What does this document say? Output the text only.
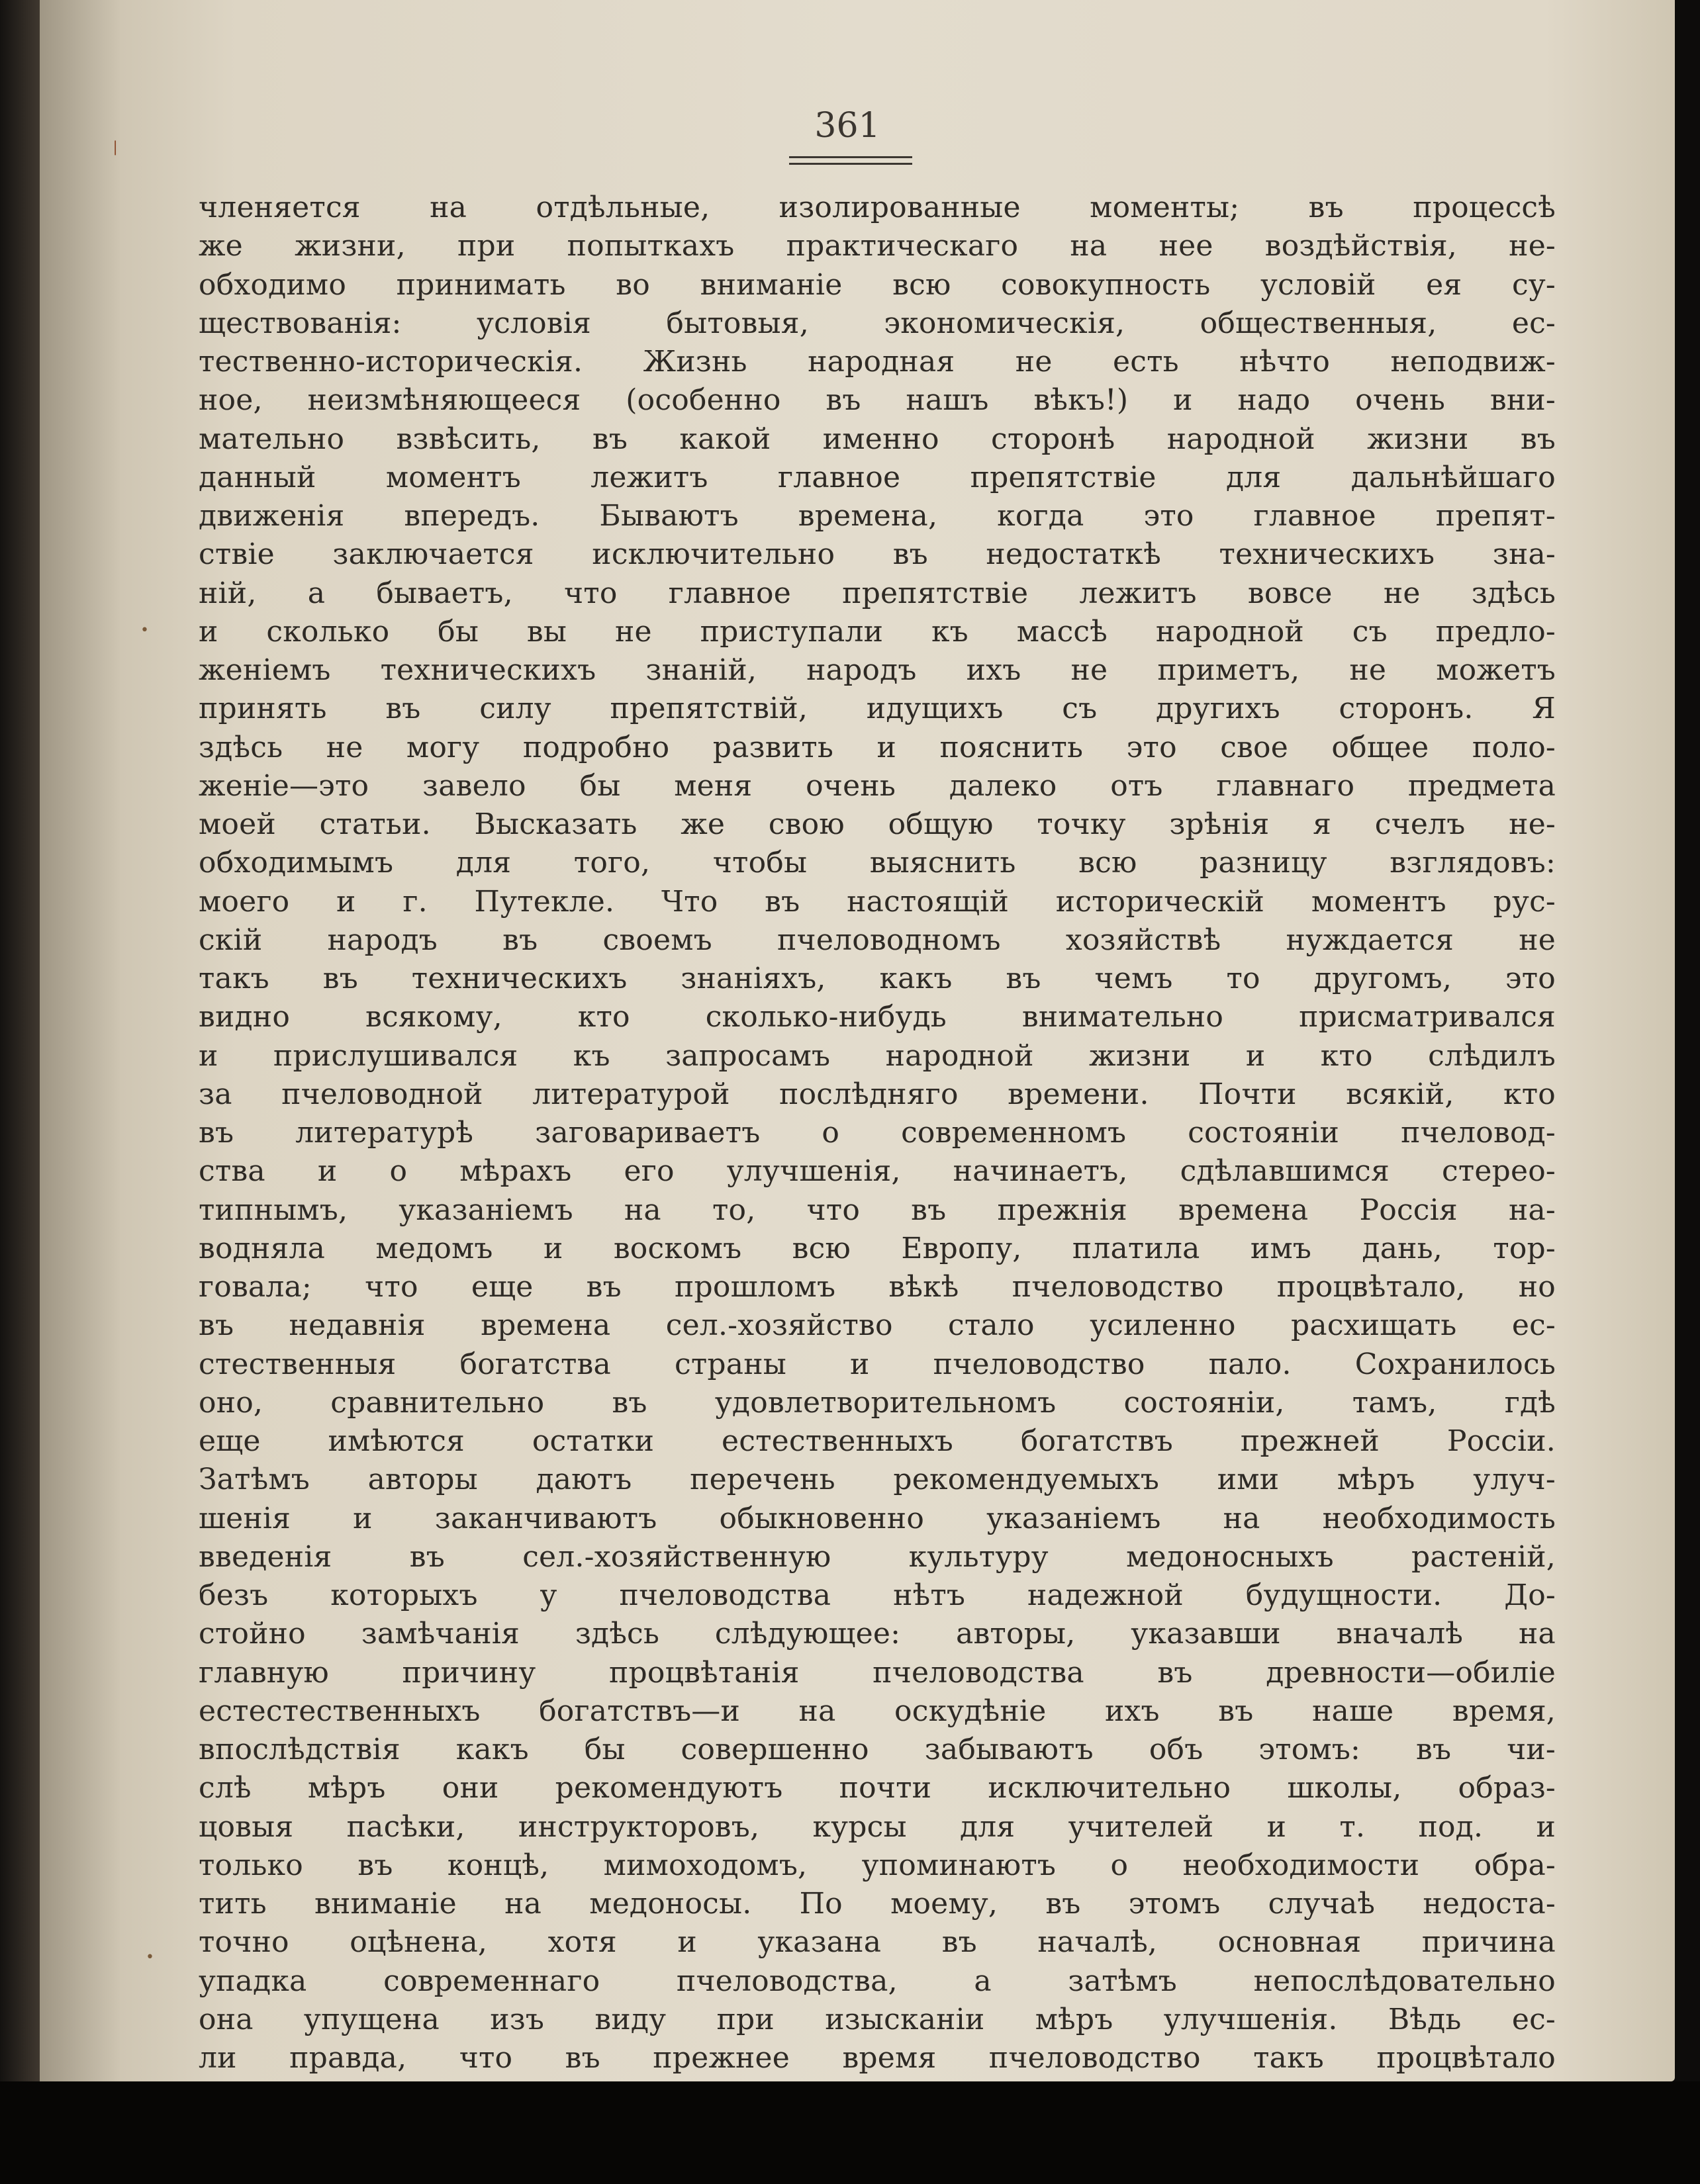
❘
•
•
361
членяется на отдѣльные, изолированные моменты; въ процессѣ
же жизни, при попыткахъ практическаго на нее воздѣйствія, не-
обходимо принимать во вниманіе всю совокупность условій ея су-
ществованія: условія бытовыя, экономическія, общественныя, ес-
тественно-историческія. Жизнь народная не есть нѣчто неподвиж-
ное, неизмѣняющееся (особенно въ нашъ вѣкъ!) и надо очень вни-
мательно взвѣсить, въ какой именно сторонѣ народной жизни въ
данный моментъ лежитъ главное препятствіе для дальнѣйшаго
движенія впередъ. Бываютъ времена, когда это главное препят-
ствіе заключается исключительно въ недостаткѣ техническихъ зна-
ній, а бываетъ, что главное препятствіе лежитъ вовсе не здѣсь
и сколько бы вы не приступали къ массѣ народной съ предло-
женіемъ техническихъ знаній, народъ ихъ не приметъ, не можетъ
принять въ силу препятствій, идущихъ съ другихъ сторонъ. Я
здѣсь не могу подробно развить и пояснить это свое общее поло-
женіе—это завело бы меня очень далеко отъ главнаго предмета
моей статьи. Высказать же свою общую точку зрѣнія я счелъ не-
обходимымъ для того, чтобы выяснить всю разницу взглядовъ:
моего и г. Путекле. Что въ настоящій историческій моментъ рус-
скій народъ въ своемъ пчеловодномъ хозяйствѣ нуждается не
такъ въ техническихъ знаніяхъ, какъ въ чемъ то другомъ, это
видно всякому, кто сколько-нибудь внимательно присматривался
и прислушивался къ запросамъ народной жизни и кто слѣдилъ
за пчеловодной литературой послѣдняго времени. Почти всякій, кто
въ литературѣ заговариваетъ о современномъ состояніи пчеловод-
ства и о мѣрахъ его улучшенія, начинаетъ, сдѣлавшимся стерео-
типнымъ, указаніемъ на то, что въ прежнія времена Россія на-
водняла медомъ и воскомъ всю Европу, платила имъ дань, тор-
говала; что еще въ прошломъ вѣкѣ пчеловодство процвѣтало, но
въ недавнія времена сел.-хозяйство стало усиленно расхищать ес-
стественныя богатства страны и пчеловодство пало. Сохранилось
оно, сравнительно въ удовлетворительномъ состояніи, тамъ, гдѣ
еще имѣются остатки естественныхъ богатствъ прежней Россіи.
Затѣмъ авторы даютъ перечень рекомендуемыхъ ими мѣръ улуч-
шенія и заканчиваютъ обыкновенно указаніемъ на необходимость
введенія въ сел.-хозяйственную культуру медоносныхъ растеній,
безъ которыхъ у пчеловодства нѣтъ надежной будущности. До-
стойно замѣчанія здѣсь слѣдующее: авторы, указавши вначалѣ на
главную причину процвѣтанія пчеловодства въ древности—обиліе
естестественныхъ богатствъ—и на оскудѣніе ихъ въ наше время,
впослѣдствія какъ бы совершенно забываютъ объ этомъ: въ чи-
слѣ мѣръ они рекомендуютъ почти исключительно школы, образ-
цовыя пасѣки, инструкторовъ, курсы для учителей и т. под. и
только въ концѣ, мимоходомъ, упоминаютъ о необходимости обра-
тить вниманіе на медоносы. По моему, въ этомъ случаѣ недоста-
точно оцѣнена, хотя и указана въ началѣ, основная причина
упадка современнаго пчеловодства, а затѣмъ непослѣдовательно
она упущена изъ виду при изысканіи мѣръ улучшенія. Вѣдь ес-
ли правда, что въ прежнее время пчеловодство такъ процвѣтало
